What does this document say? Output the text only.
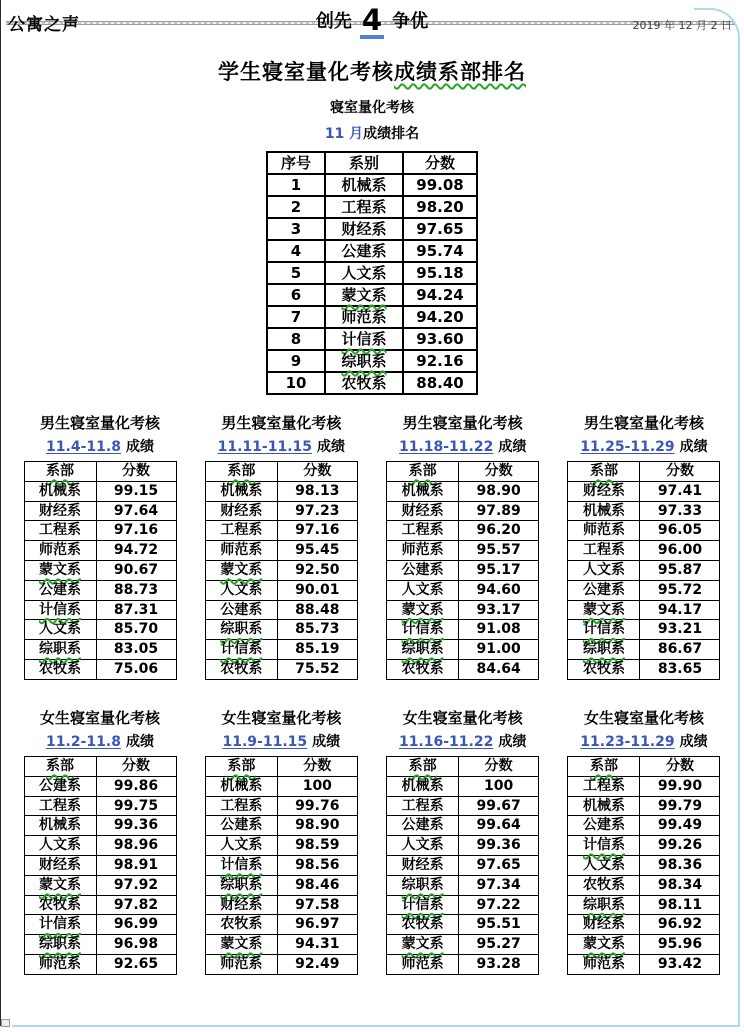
公寓之声	创先 4 争优	2019 年 12 月 2 日
学生寝室量化考核成绩系部排名
寝室量化考核
11 月成绩排名
序号	系别	分数
1	机械系	99.08
2	工程系	98.20
3	财经系	97.65
4	公建系	95.74
5	人文系	95.18
6	蒙文系	94.24
7	师范系	94.20
8	计信系	93.60
9	综职系	92.16
10	农牧系	88.40
男生寝室量化考核
11.4-11.8 成绩
系部	分数
机械系	99.15
财经系	97.64
工程系	97.16
师范系	94.72
蒙文系	90.67
公建系	88.73
计信系	87.31
人文系	85.70
综职系	83.05
农牧系	75.06
男生寝室量化考核
11.11-11.15 成绩
系部	分数
机械系	98.13
财经系	97.23
工程系	97.16
师范系	95.45
蒙文系	92.50
人文系	90.01
公建系	88.48
综职系	85.73
计信系	85.19
农牧系	75.52
男生寝室量化考核
11.18-11.22 成绩
系部	分数
机械系	98.90
财经系	97.89
工程系	96.20
师范系	95.57
公建系	95.17
人文系	94.60
蒙文系	93.17
计信系	91.08
综职系	91.00
农牧系	84.64
男生寝室量化考核
11.25-11.29 成绩
系部	分数
财经系	97.41
机械系	97.33
师范系	96.05
工程系	96.00
人文系	95.87
公建系	95.72
蒙文系	94.17
计信系	93.21
综职系	86.67
农牧系	83.65
女生寝室量化考核
11.2-11.8 成绩
系部	分数
公建系	99.86
工程系	99.75
机械系	99.36
人文系	98.96
财经系	98.91
蒙文系	97.92
农牧系	97.82
计信系	96.99
综职系	96.98
师范系	92.65
女生寝室量化考核
11.9-11.15 成绩
系部	分数
机械系	100
工程系	99.76
公建系	98.90
人文系	98.59
计信系	98.56
综职系	98.46
财经系	97.58
农牧系	96.97
蒙文系	94.31
师范系	92.49
女生寝室量化考核
11.16-11.22 成绩
系部	分数
机械系	100
工程系	99.67
公建系	99.64
人文系	99.36
财经系	97.65
综职系	97.34
计信系	97.22
农牧系	95.51
蒙文系	95.27
师范系	93.28
女生寝室量化考核
11.23-11.29 成绩
系部	分数
工程系	99.90
机械系	99.79
公建系	99.49
计信系	99.26
人文系	98.36
农牧系	98.34
综职系	98.11
财经系	96.92
蒙文系	95.96
师范系	93.42
